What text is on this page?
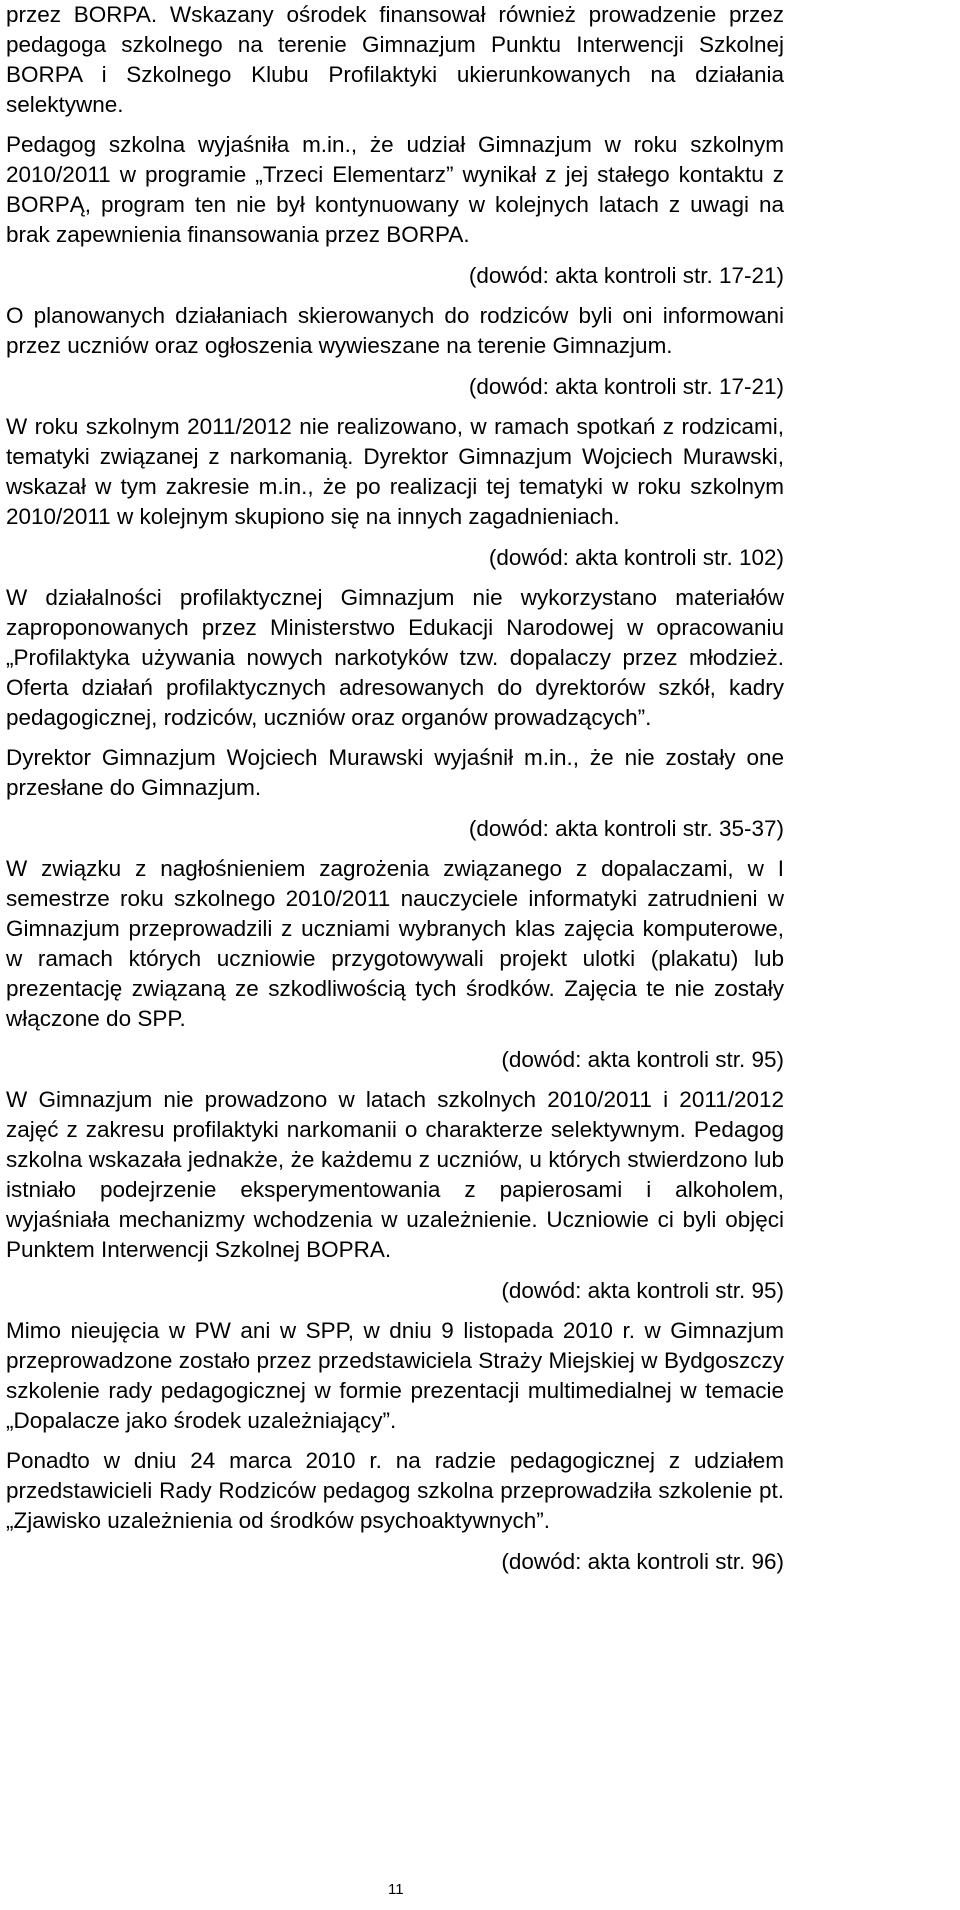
przez BORPA. Wskazany ośrodek finansował również prowadzenie przez pedagoga szkolnego na terenie Gimnazjum Punktu Interwencji Szkolnej BORPA i Szkolnego Klubu Profilaktyki ukierunkowanych na działania selektywne.

Pedagog szkolna wyjaśniła m.in., że udział Gimnazjum w roku szkolnym 2010/2011 w programie „Trzeci Elementarz” wynikał z jej stałego kontaktu z BORPĄ, program ten nie był kontynuowany w kolejnych latach z uwagi na brak zapewnienia finansowania przez BORPA.

(dowód: akta kontroli str. 17-21)

O planowanych działaniach skierowanych do rodziców byli oni informowani przez uczniów oraz ogłoszenia wywieszane na terenie Gimnazjum.

(dowód: akta kontroli str. 17-21)

W roku szkolnym 2011/2012 nie realizowano, w ramach spotkań z rodzicami, tematyki związanej z narkomanią. Dyrektor Gimnazjum Wojciech Murawski, wskazał w tym zakresie m.in., że po realizacji tej tematyki w roku szkolnym 2010/2011 w kolejnym skupiono się na innych zagadnieniach.

(dowód: akta kontroli str. 102)

W działalności profilaktycznej Gimnazjum nie wykorzystano materiałów zaproponowanych przez Ministerstwo Edukacji Narodowej w opracowaniu „Profilaktyka używania nowych narkotyków tzw. dopalaczy przez młodzież. Oferta działań profilaktycznych adresowanych do dyrektorów szkół, kadry pedagogicznej, rodziców, uczniów oraz organów prowadzących”.

Dyrektor Gimnazjum Wojciech Murawski wyjaśnił m.in., że nie zostały one przesłane do Gimnazjum.

(dowód: akta kontroli str. 35-37)

W związku z nagłośnieniem zagrożenia związanego z dopalaczami, w I semestrze roku szkolnego 2010/2011 nauczyciele informatyki zatrudnieni w Gimnazjum przeprowadzili z uczniami wybranych klas zajęcia komputerowe, w ramach których uczniowie przygotowywali projekt ulotki (plakatu) lub prezentację związaną ze szkodliwością tych środków. Zajęcia te nie zostały włączone do SPP.

(dowód: akta kontroli str. 95)

W Gimnazjum nie prowadzono w latach szkolnych 2010/2011 i 2011/2012 zajęć z zakresu profilaktyki narkomanii o charakterze selektywnym. Pedagog szkolna wskazała jednakże, że każdemu z uczniów, u których stwierdzono lub istniało podejrzenie eksperymentowania z papierosami i alkoholem, wyjaśniała mechanizmy wchodzenia w uzależnienie. Uczniowie ci byli objęci Punktem Interwencji Szkolnej BOPRA.

(dowód: akta kontroli str. 95)

Mimo nieujęcia w PW ani w SPP, w dniu 9 listopada 2010 r. w Gimnazjum przeprowadzone zostało przez przedstawiciela Straży Miejskiej w Bydgoszczy szkolenie rady pedagogicznej w formie prezentacji multimedialnej w temacie „Dopalacze jako środek uzależniający”.

Ponadto w dniu 24 marca 2010 r. na radzie pedagogicznej z udziałem przedstawicieli Rady Rodziców pedagog szkolna przeprowadziła szkolenie pt. „Zjawisko uzależnienia od środków psychoaktywnych”.

(dowód: akta kontroli str. 96)

11
